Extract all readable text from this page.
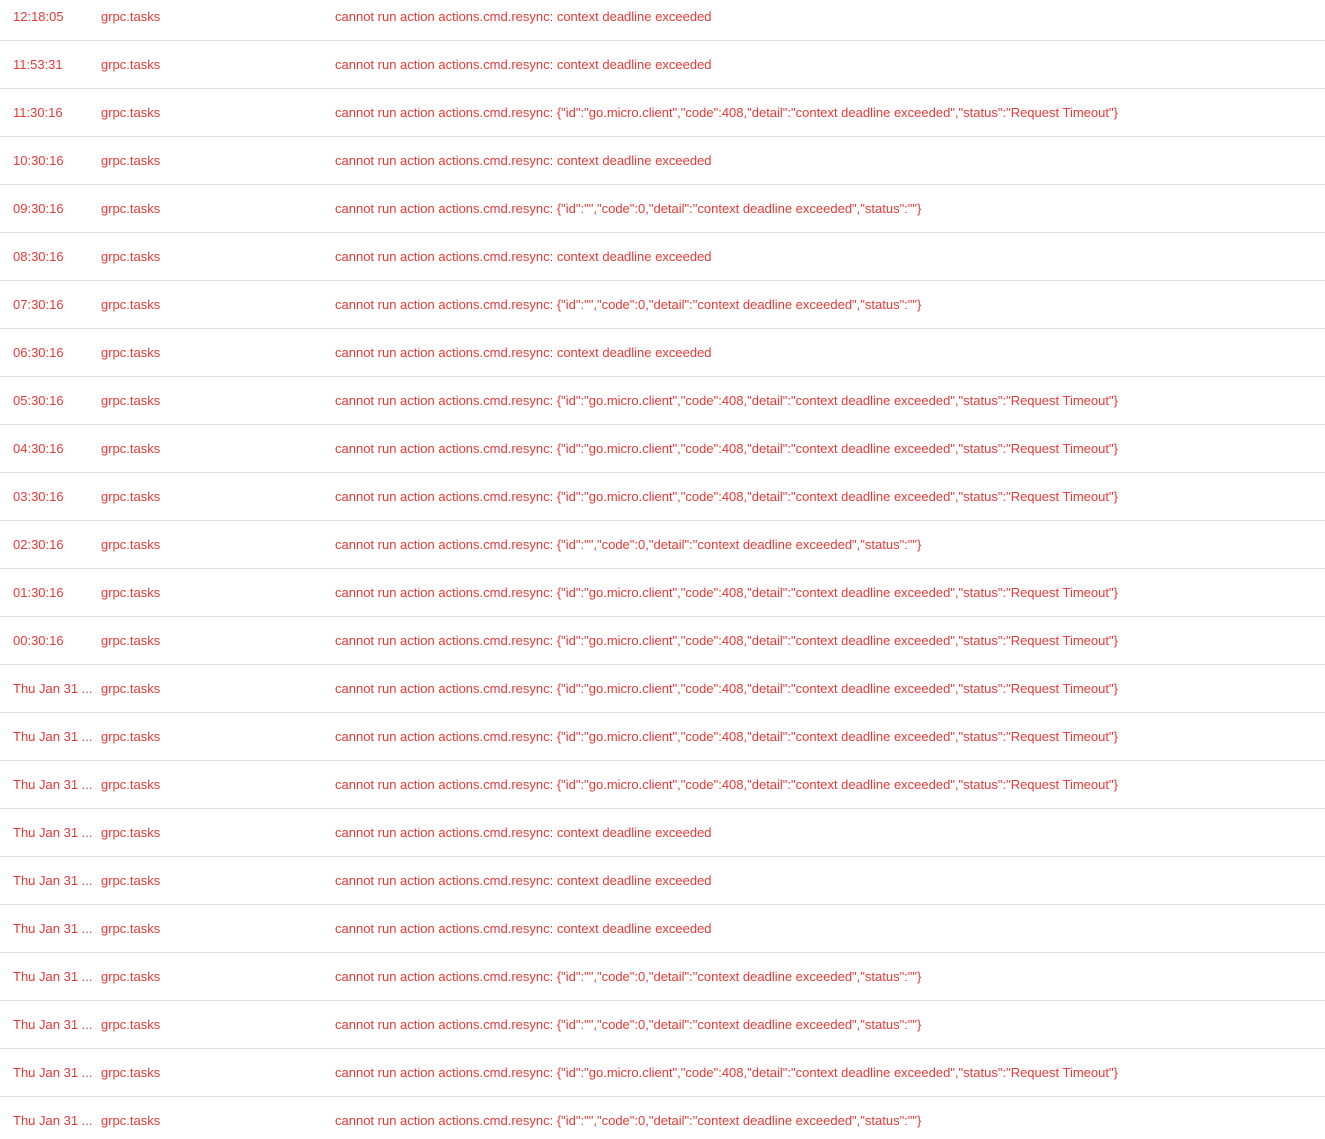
12:18:05	grpc.tasks	cannot run action actions.cmd.resync: context deadline exceeded
11:53:31	grpc.tasks	cannot run action actions.cmd.resync: context deadline exceeded
11:30:16	grpc.tasks	cannot run action actions.cmd.resync: {"id":"go.micro.client","code":408,"detail":"context deadline exceeded","status":"Request Timeout"}
10:30:16	grpc.tasks	cannot run action actions.cmd.resync: context deadline exceeded
09:30:16	grpc.tasks	cannot run action actions.cmd.resync: {"id":"","code":0,"detail":"context deadline exceeded","status":""}
08:30:16	grpc.tasks	cannot run action actions.cmd.resync: context deadline exceeded
07:30:16	grpc.tasks	cannot run action actions.cmd.resync: {"id":"","code":0,"detail":"context deadline exceeded","status":""}
06:30:16	grpc.tasks	cannot run action actions.cmd.resync: context deadline exceeded
05:30:16	grpc.tasks	cannot run action actions.cmd.resync: {"id":"go.micro.client","code":408,"detail":"context deadline exceeded","status":"Request Timeout"}
04:30:16	grpc.tasks	cannot run action actions.cmd.resync: {"id":"go.micro.client","code":408,"detail":"context deadline exceeded","status":"Request Timeout"}
03:30:16	grpc.tasks	cannot run action actions.cmd.resync: {"id":"go.micro.client","code":408,"detail":"context deadline exceeded","status":"Request Timeout"}
02:30:16	grpc.tasks	cannot run action actions.cmd.resync: {"id":"","code":0,"detail":"context deadline exceeded","status":""}
01:30:16	grpc.tasks	cannot run action actions.cmd.resync: {"id":"go.micro.client","code":408,"detail":"context deadline exceeded","status":"Request Timeout"}
00:30:16	grpc.tasks	cannot run action actions.cmd.resync: {"id":"go.micro.client","code":408,"detail":"context deadline exceeded","status":"Request Timeout"}
Thu Jan 31 ...	grpc.tasks	cannot run action actions.cmd.resync: {"id":"go.micro.client","code":408,"detail":"context deadline exceeded","status":"Request Timeout"}
Thu Jan 31 ...	grpc.tasks	cannot run action actions.cmd.resync: {"id":"go.micro.client","code":408,"detail":"context deadline exceeded","status":"Request Timeout"}
Thu Jan 31 ...	grpc.tasks	cannot run action actions.cmd.resync: {"id":"go.micro.client","code":408,"detail":"context deadline exceeded","status":"Request Timeout"}
Thu Jan 31 ...	grpc.tasks	cannot run action actions.cmd.resync: context deadline exceeded
Thu Jan 31 ...	grpc.tasks	cannot run action actions.cmd.resync: context deadline exceeded
Thu Jan 31 ...	grpc.tasks	cannot run action actions.cmd.resync: context deadline exceeded
Thu Jan 31 ...	grpc.tasks	cannot run action actions.cmd.resync: {"id":"","code":0,"detail":"context deadline exceeded","status":""}
Thu Jan 31 ...	grpc.tasks	cannot run action actions.cmd.resync: {"id":"","code":0,"detail":"context deadline exceeded","status":""}
Thu Jan 31 ...	grpc.tasks	cannot run action actions.cmd.resync: {"id":"go.micro.client","code":408,"detail":"context deadline exceeded","status":"Request Timeout"}
Thu Jan 31 ...	grpc.tasks	cannot run action actions.cmd.resync: {"id":"","code":0,"detail":"context deadline exceeded","status":""}
